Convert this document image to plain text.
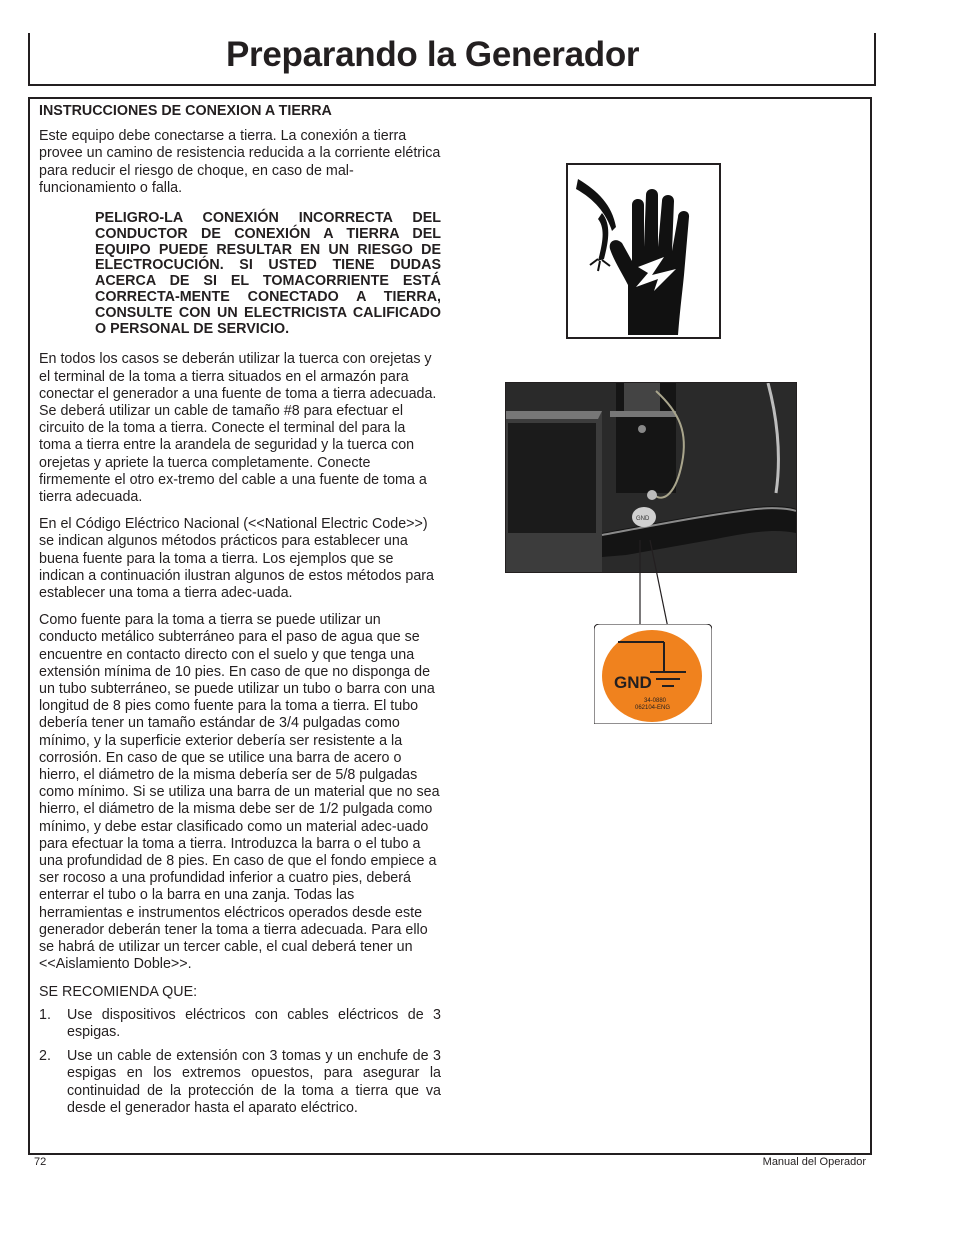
Preparando la Generador

INSTRUCCIONES DE CONEXION A TIERRA

Este equipo debe conectarse a tierra. La conexión a tierra provee un camino de resistencia reducida a la corriente elétrica para reducir el riesgo de choque, en caso de mal-funcionamiento o falla.

PELIGRO-LA CONEXIÓN INCORRECTA DEL CONDUCTOR DE CONEXIÓN A TIERRA DEL EQUIPO PUEDE RESULTAR EN UN RIESGO DE ELECTROCUCIÓN. SI USTED TIENE DUDAS ACERCA DE SI EL TOMACORRIENTE ESTÁ CORRECTA-MENTE CONECTADO A TIERRA, CONSULTE CON UN ELECTRICISTA CALIFICADO O PERSONAL DE SERVICIO.

En todos los casos se deberán utilizar la tuerca con orejetas y el terminal de la toma a tierra situados en el armazón para conectar el generador a una fuente de toma a tierra adecuada. Se deberá utilizar un cable de tamaño #8 para efectuar el circuito de la toma a tierra. Conecte el terminal del para la toma a tierra entre la arandela de seguridad y la tuerca con orejetas y apriete la tuerca completamente. Conecte firmemente el otro ex-tremo del cable a una fuente de toma a tierra adecuada.

En el Código Eléctrico Nacional (<<National Electric Code>>) se indican algunos métodos prácticos para establecer una buena fuente para la toma a tierra. Los ejemplos que se indican a continuación ilustran algunos de estos métodos para establecer una toma a tierra adec-uada.

Como fuente para la toma a tierra se puede utilizar un conducto metálico subterráneo para el paso de agua que se encuentre en contacto directo con el suelo y que tenga una extensión mínima de 10 pies. En caso de que no disponga de un tubo subterráneo, se puede utilizar un tubo o barra con una longitud de 8 pies como fuente para la toma a tierra. El tubo debería tener un tamaño estándar de 3/4 pulgadas como mínimo, y la superficie exterior debería ser resistente a la corrosión. En caso de que se utilice una barra de acero o hierro, el diámetro de la misma debería ser de 5/8 pulgadas como mínimo. Si se utiliza una barra de un material que no sea hierro, el diámetro de la misma debe ser de 1/2 pulgada como mínimo, y debe estar clasificado como un material adec-uado para efectuar la toma a tierra. Introduzca la barra o el tubo a una profundidad de 8 pies. En caso de que el fondo empiece a ser rocoso a una profundidad inferior a cuatro pies, deberá enterrar el tubo o la barra en una zanja. Todas las herramientas e instrumentos eléctricos operados desde este generador deberán tener la toma a tierra adecuada. Para ello se habrá de utilizar un tercer cable, el cual deberá tener un <<Aislamiento Doble>>.

SE RECOMIENDA QUE:

1.	Use dispositivos eléctricos con cables eléctricos de 3 espigas.
2.	Use un cable de extensión con 3 tomas y un enchufe de 3 espigas en los extremos opuestos, para asegurar la continuidad de la protección de la toma a tierra que va desde el generador hasta el aparato eléctrico.
GND
GND
34-0880
062104-ENG
72	Manual del Operador
